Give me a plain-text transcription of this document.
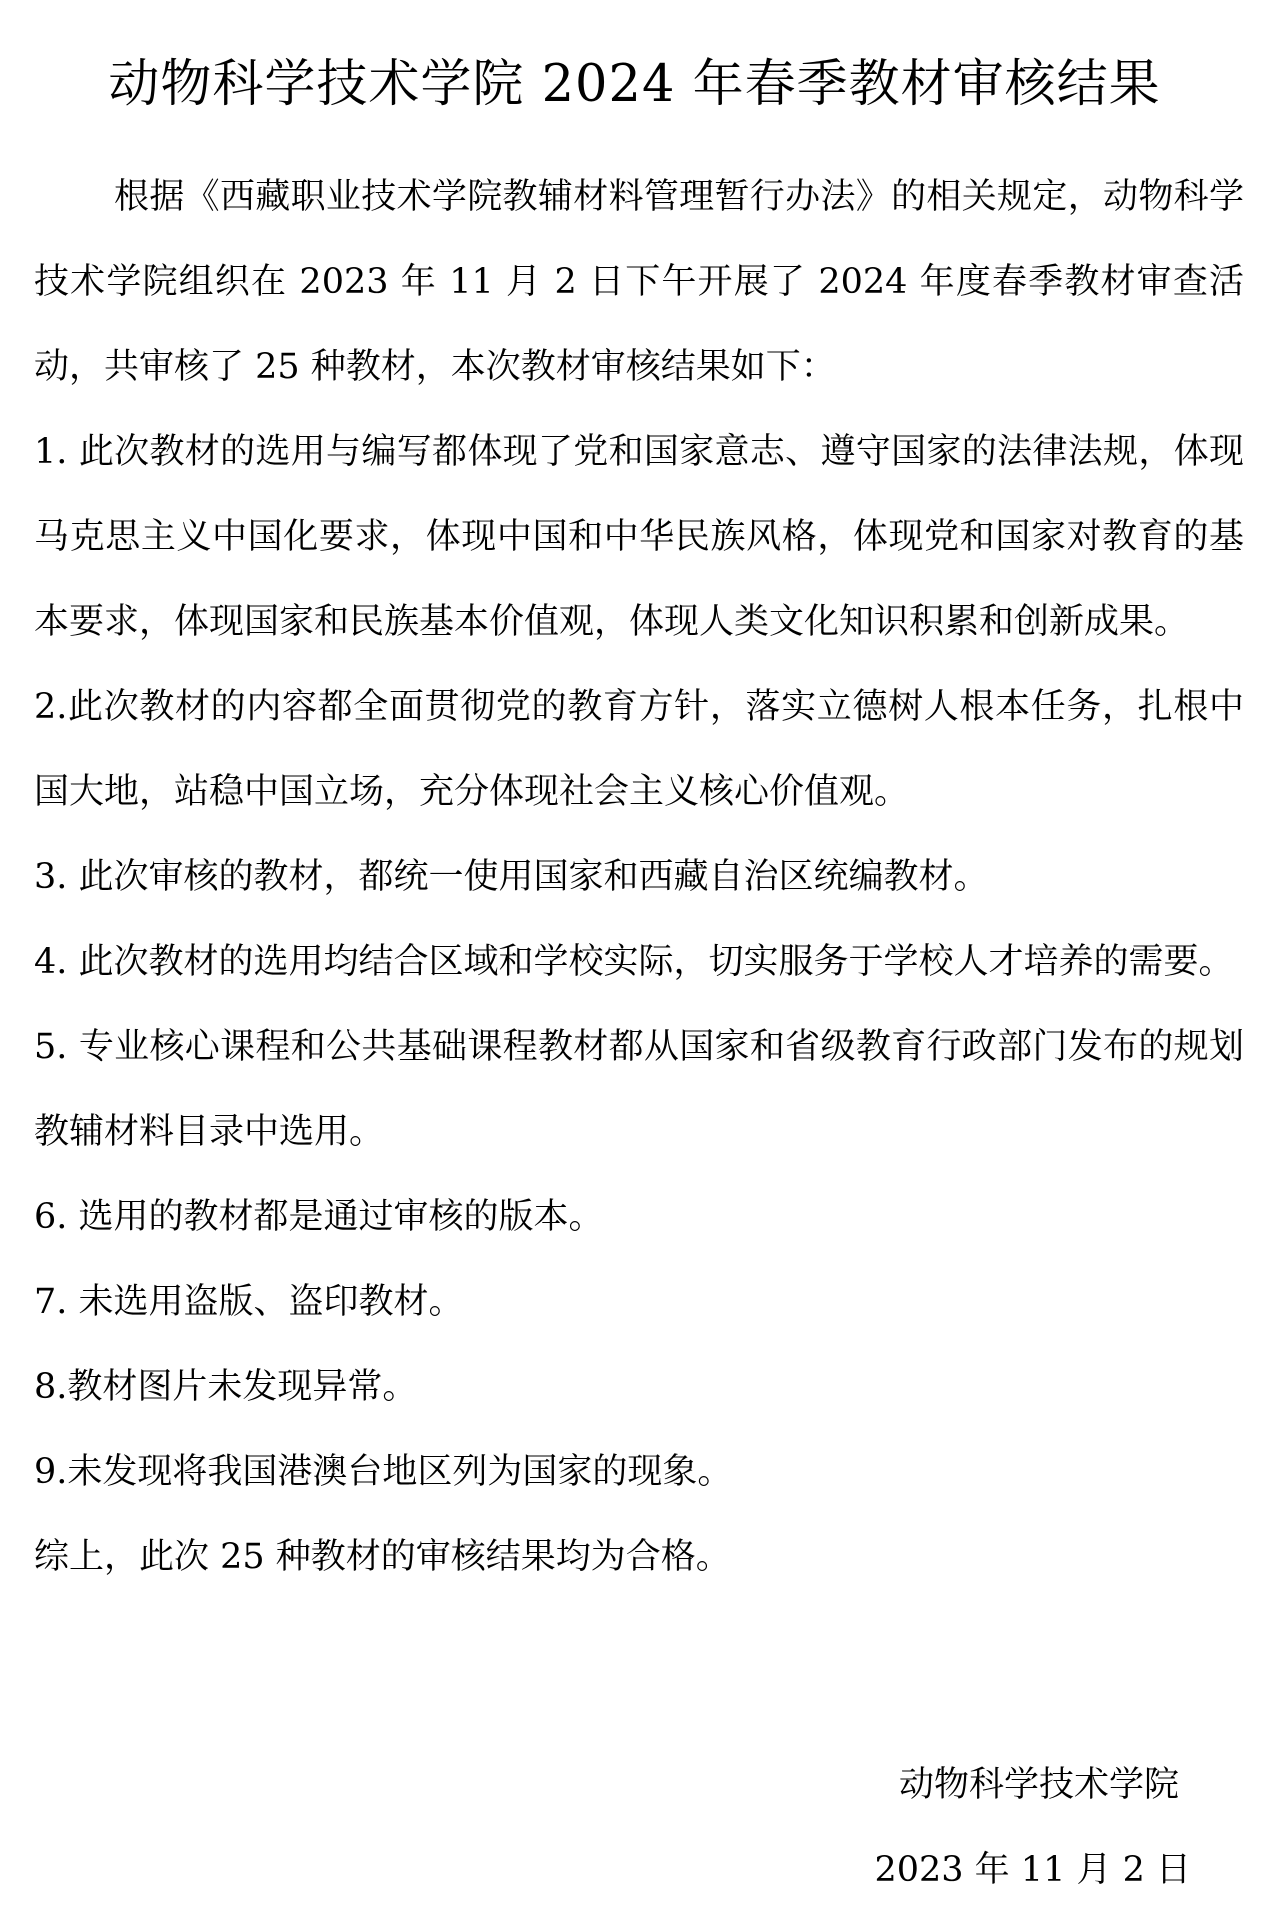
动物科学技术学院 2024 年春季教材审核结果

根据《西藏职业技术学院教辅材料管理暂行办法》的相关规定，动物科学技术学院组织在 2023 年 11 月 2 日下午开展了 2024 年度春季教材审查活动，共审核了 25 种教材，本次教材审核结果如下：

1. 此次教材的选用与编写都体现了党和国家意志、遵守国家的法律法规，体现马克思主义中国化要求，体现中国和中华民族风格，体现党和国家对教育的基本要求，体现国家和民族基本价值观，体现人类文化知识积累和创新成果。

2.此次教材的内容都全面贯彻党的教育方针，落实立德树人根本任务，扎根中国大地，站稳中国立场，充分体现社会主义核心价值观。

3. 此次审核的教材，都统一使用国家和西藏自治区统编教材。

4. 此次教材的选用均结合区域和学校实际，切实服务于学校人才培养的需要。

5. 专业核心课程和公共基础课程教材都从国家和省级教育行政部门发布的规划教辅材料目录中选用。

6. 选用的教材都是通过审核的版本。

7. 未选用盗版、盗印教材。

8.教材图片未发现异常。

9.未发现将我国港澳台地区列为国家的现象。

综上，此次 25 种教材的审核结果均为合格。

动物科学技术学院

2023 年 11 月 2 日
